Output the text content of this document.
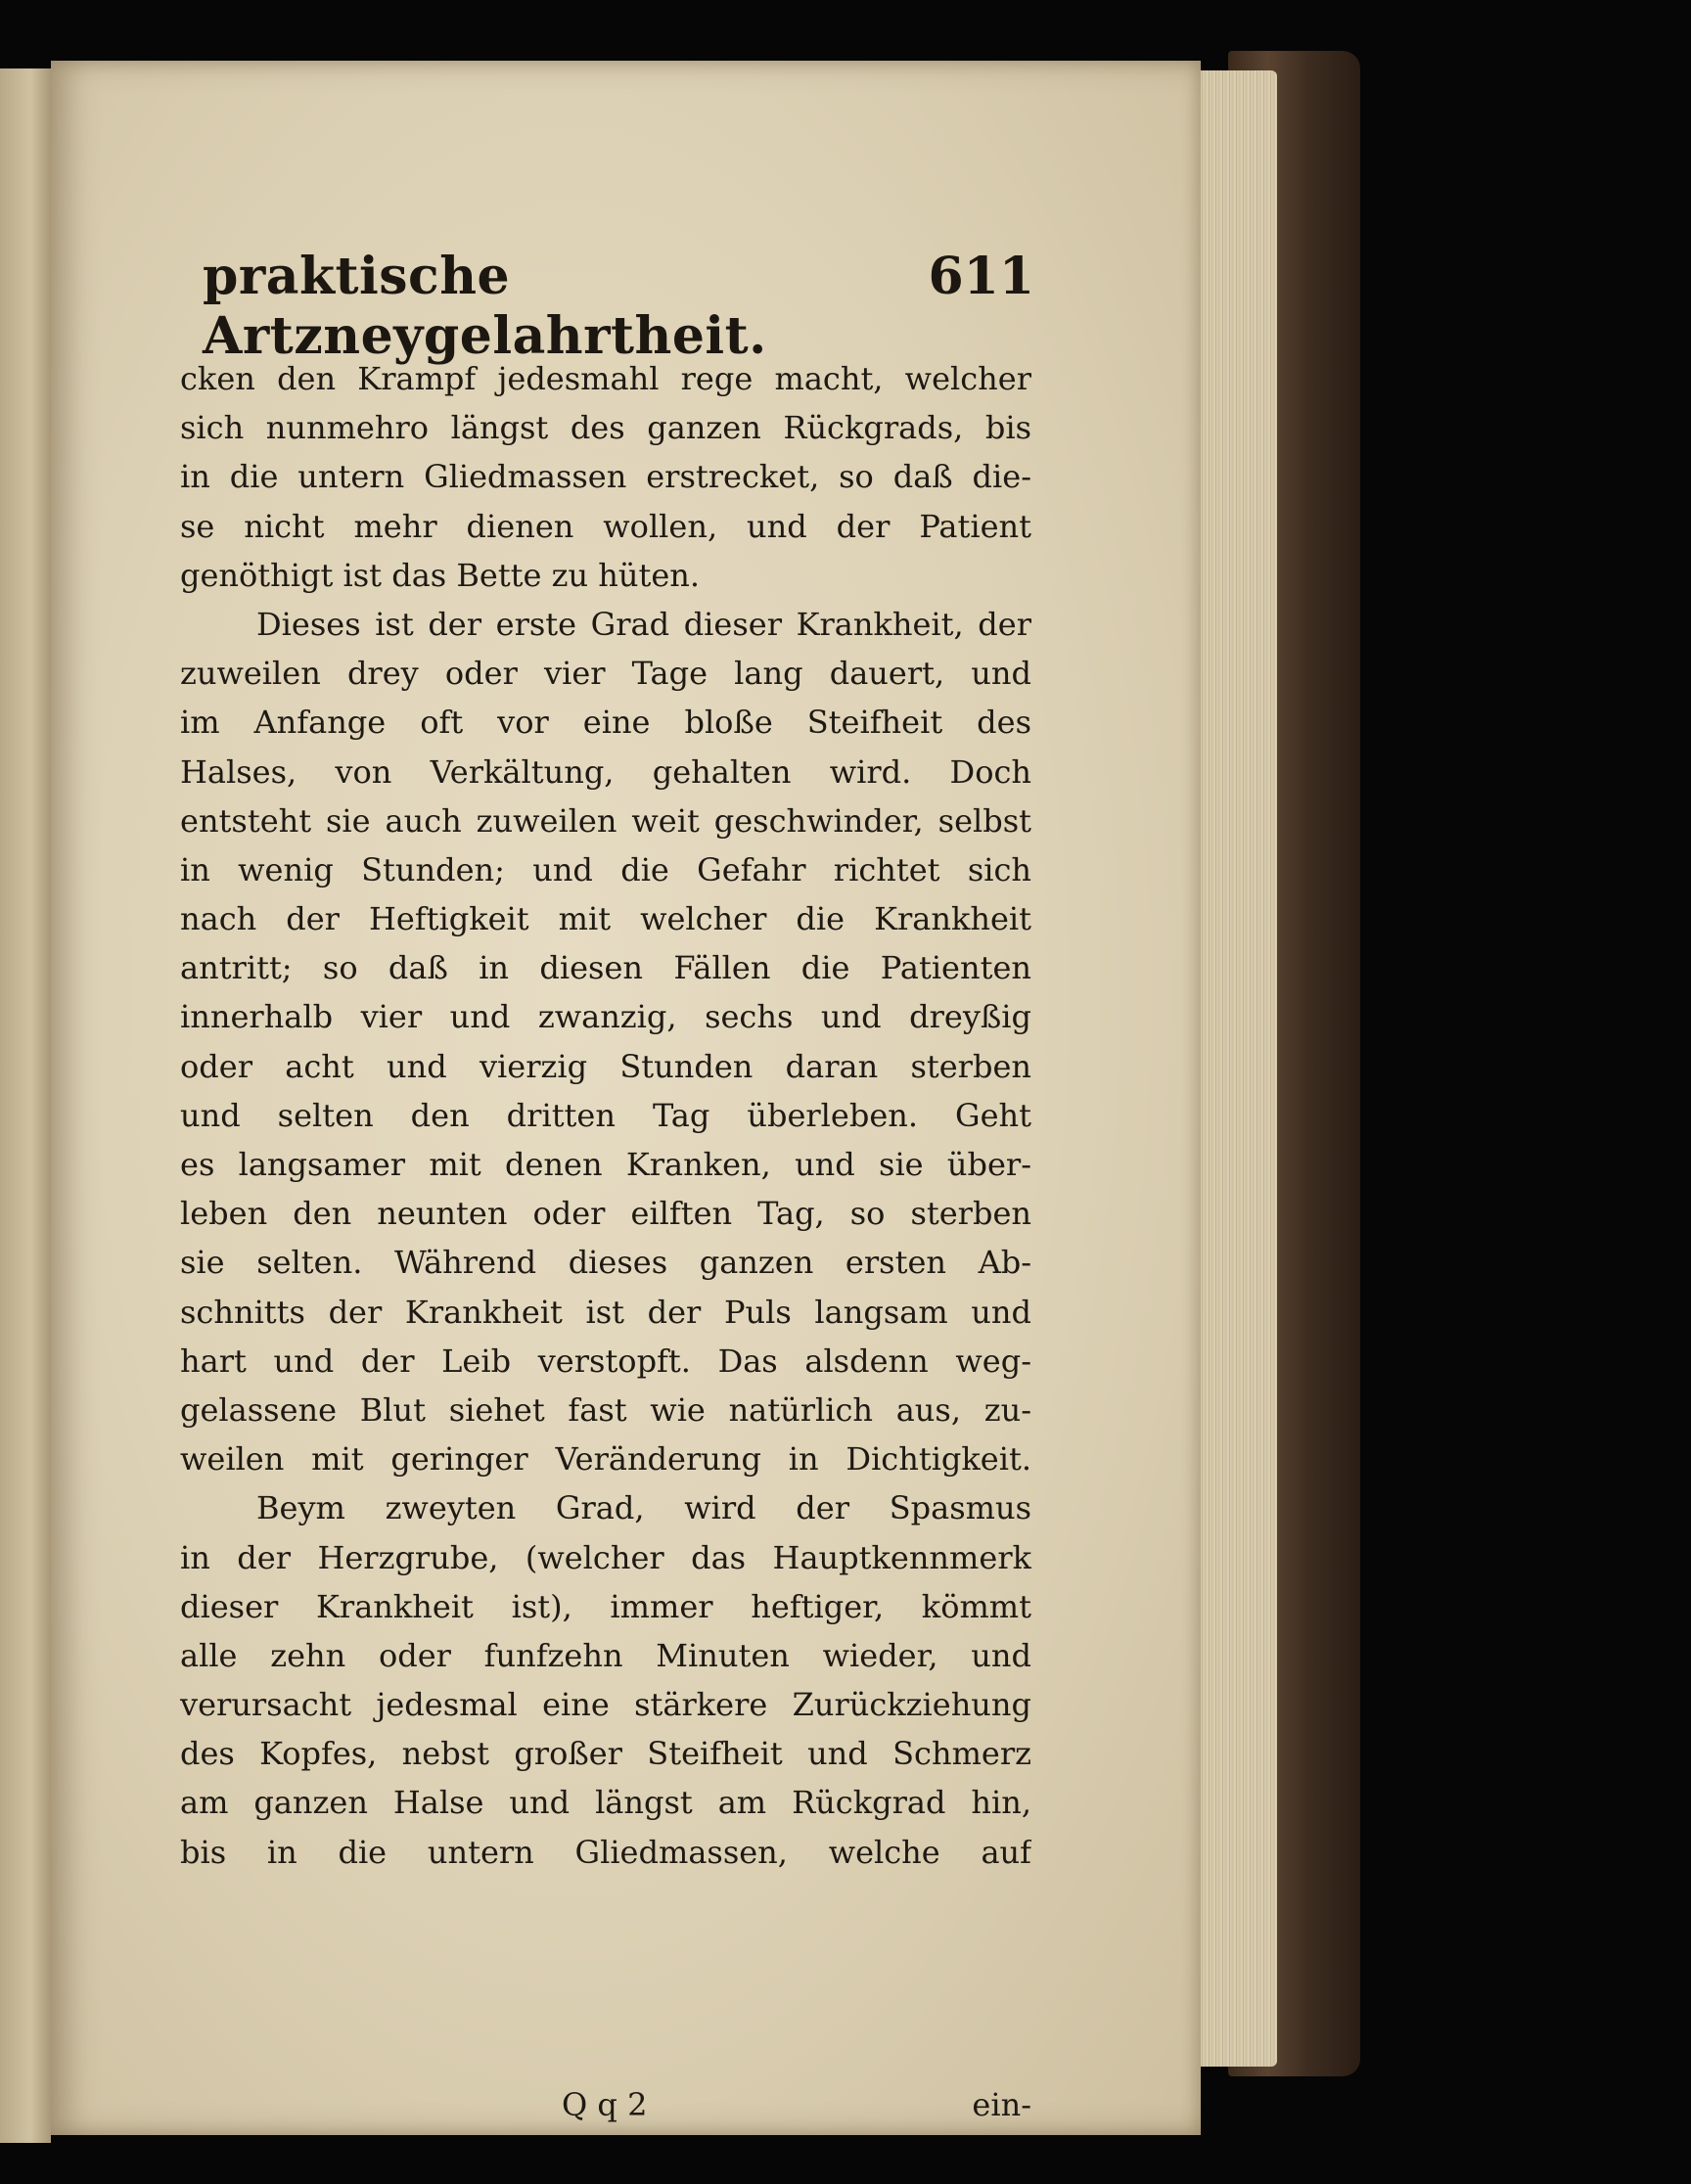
praktische Artzneygelahrtheit.
611
cken den Krampf jedesmahl rege macht, welcher
sich nunmehro längst des ganzen Rückgrads, bis
in die untern Gliedmassen erstrecket, so daß die-
se nicht mehr dienen wollen, und der Patient
genöthigt ist das Bette zu hüten.
Dieses ist der erste Grad dieser Krankheit, der
zuweilen drey oder vier Tage lang dauert, und
im Anfange oft vor eine bloße Steifheit des
Halses, von Verkältung, gehalten wird. Doch
entsteht sie auch zuweilen weit geschwinder, selbst
in wenig Stunden; und die Gefahr richtet sich
nach der Heftigkeit mit welcher die Krankheit
antritt; so daß in diesen Fällen die Patienten
innerhalb vier und zwanzig, sechs und dreyßig
oder acht und vierzig Stunden daran sterben
und selten den dritten Tag überleben. Geht
es langsamer mit denen Kranken, und sie über-
leben den neunten oder eilften Tag, so sterben
sie selten. Während dieses ganzen ersten Ab-
schnitts der Krankheit ist der Puls langsam und
hart und der Leib verstopft. Das alsdenn weg-
gelassene Blut siehet fast wie natürlich aus, zu-
weilen mit geringer Veränderung in Dichtigkeit.
Beym zweyten Grad, wird der Spasmus
in der Herzgrube, (welcher das Hauptkennmerk
dieser Krankheit ist), immer heftiger, kömmt
alle zehn oder funfzehn Minuten wieder, und
verursacht jedesmal eine stärkere Zurückziehung
des Kopfes, nebst großer Steifheit und Schmerz
am ganzen Halse und längst am Rückgrad hin,
bis in die untern Gliedmassen, welche auf
Q q 2	ein-
